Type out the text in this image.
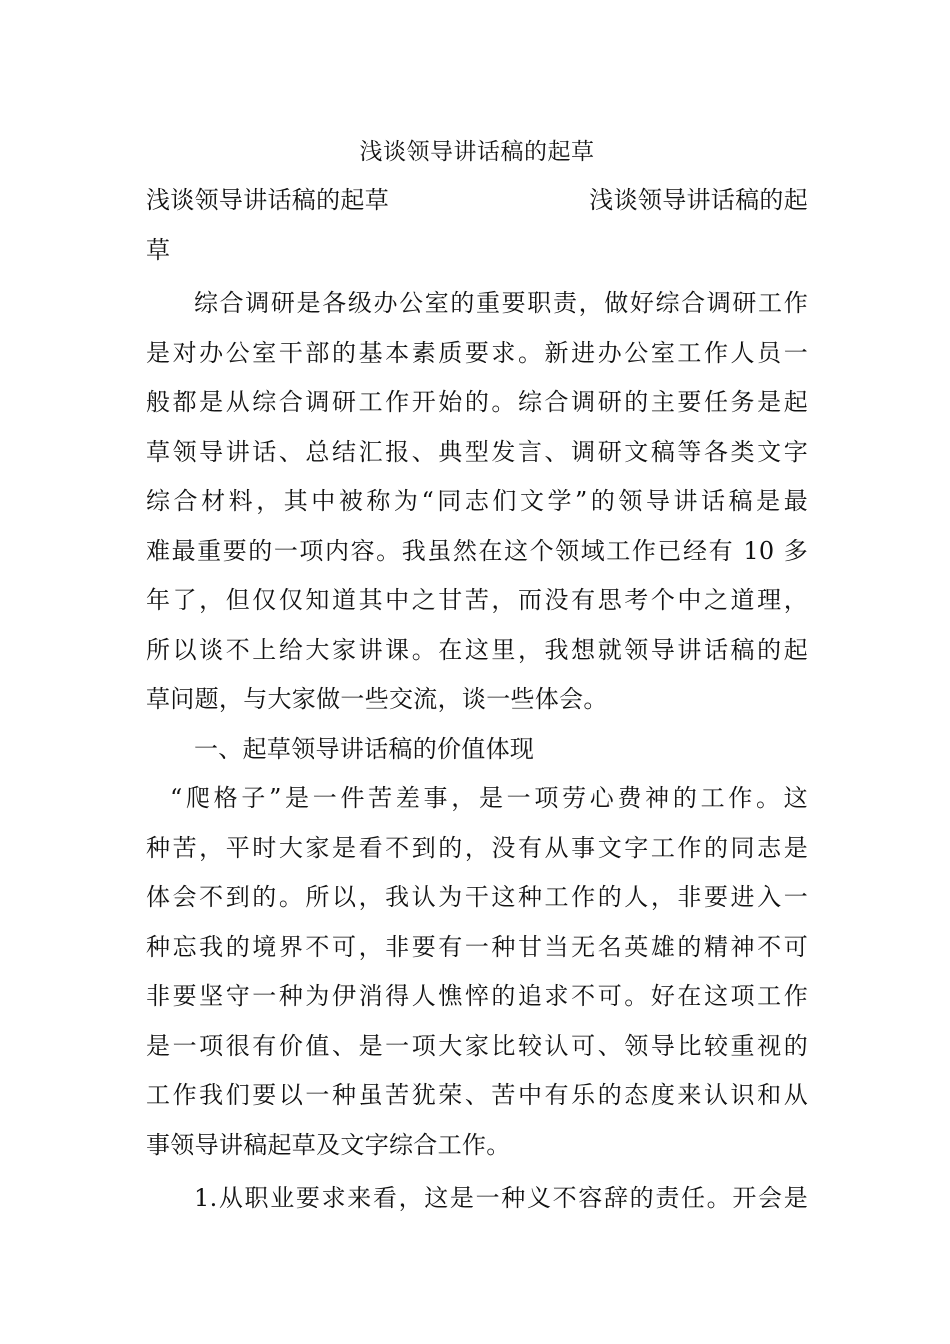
浅谈领导讲话稿的起草
浅谈领导讲话稿的起草	浅谈领导讲话稿的起
草
综合调研是各级办公室的重要职责，做好综合调研工作
是对办公室干部的基本素质要求。新进办公室工作人员一
般都是从综合调研工作开始的。综合调研的主要任务是起
草领导讲话、总结汇报、典型发言、调研文稿等各类文字
综合材料，其中被称为“同志们文学”的领导讲话稿是最
难最重要的一项内容。我虽然在这个领域工作已经有 10 多
年了，但仅仅知道其中之甘苦，而没有思考个中之道理，
所以谈不上给大家讲课。在这里，我想就领导讲话稿的起
草问题，与大家做一些交流，谈一些体会。
一、起草领导讲话稿的价值体现
“爬格子”是一件苦差事，是一项劳心费神的工作。这
种苦，平时大家是看不到的，没有从事文字工作的同志是
体会不到的。所以，我认为干这种工作的人，非要进入一
种忘我的境界不可，非要有一种甘当无名英雄的精神不可
非要坚守一种为伊消得人憔悴的追求不可。好在这项工作
是一项很有价值、是一项大家比较认可、领导比较重视的
工作我们要以一种虽苦犹荣、苦中有乐的态度来认识和从
事领导讲稿起草及文字综合工作。
1.从职业要求来看，这是一种义不容辞的责任。开会是
